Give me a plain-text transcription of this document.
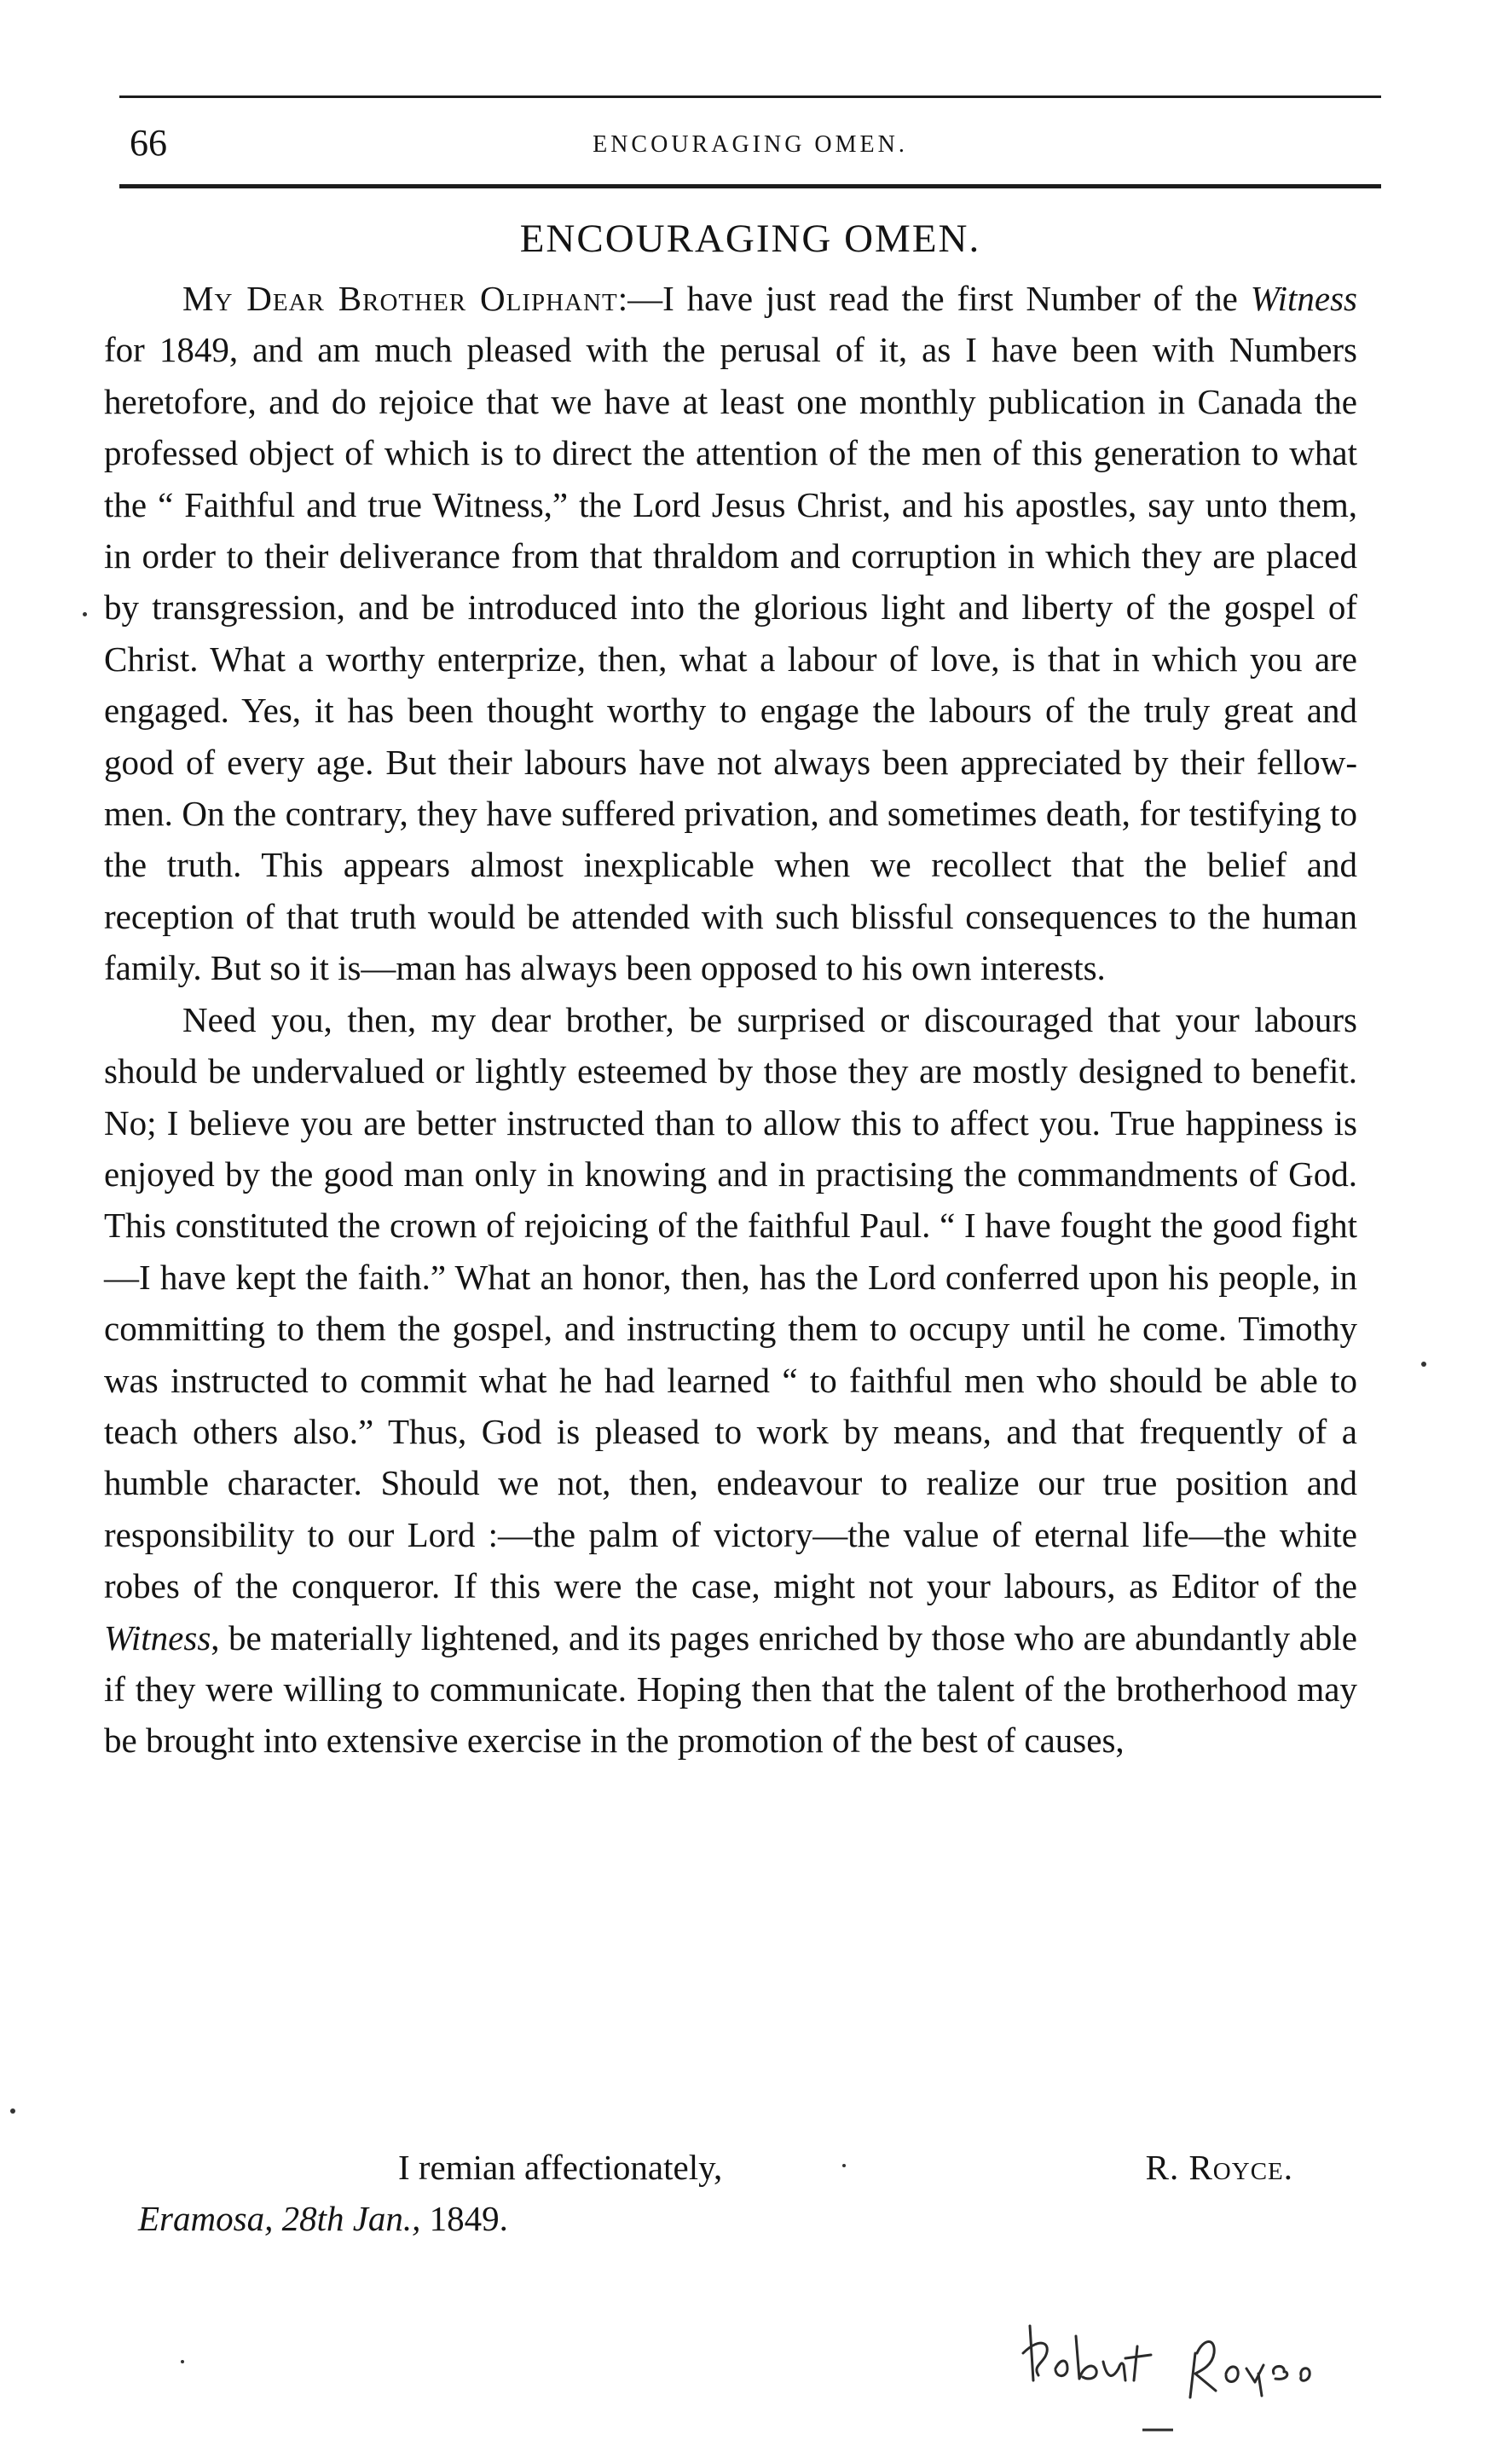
66	ENCOURAGING OMEN.
ENCOURAGING OMEN.

My Dear Brother Oliphant:—I have just read the first Number of the Witness for 1849, and am much pleased with the perusal of it, as I have been with Numbers heretofore, and do rejoice that we have at least one monthly publication in Canada the professed object of which is to direct the attention of the men of this generation to what the “ Faithful and true Witness,” the Lord Jesus Christ, and his apostles, say unto them, in order to their deliverance from that thraldom and corruption in which they are placed by transgression, and be introduced into the glorious light and liberty of the gospel of Christ. What a worthy enterprize, then, what a labour of love, is that in which you are engaged. Yes, it has been thought worthy to engage the labours of the truly great and good of every age. But their labours have not always been appreciated by their fellow-men. On the contrary, they have suffered privation, and sometimes death, for testifying to the truth. This appears almost inexplicable when we recollect that the belief and reception of that truth would be attended with such blissful consequences to the human family. But so it is—man has always been opposed to his own interests.

Need you, then, my dear brother, be surprised or discouraged that your labours should be undervalued or lightly esteemed by those they are mostly designed to benefit. No; I believe you are better instructed than to allow this to affect you. True happiness is enjoyed by the good man only in knowing and in practising the commandments of God. This constituted the crown of rejoicing of the faithful Paul. “ I have fought the good fight—I have kept the faith.” What an honor, then, has the Lord conferred upon his people, in committing to them the gospel, and instructing them to occupy until he come. Timothy was instructed to commit what he had learned “ to faithful men who should be able to teach others also.” Thus, God is pleased to work by means, and that frequently of a humble character. Should we not, then, endeavour to realize our true position and responsibility to our Lord :—the palm of victory—the value of eternal life—the white robes of the conqueror. If this were the case, might not your labours, as Editor of the Witness, be materially lightened, and its pages enriched by those who are abundantly able if they were willing to communicate. Hoping then that the talent of the brotherhood may be brought into extensive exercise in the promotion of the best of causes,

I remian affectionately,	R. Royce.
Eramosa, 28th Jan., 1849.
